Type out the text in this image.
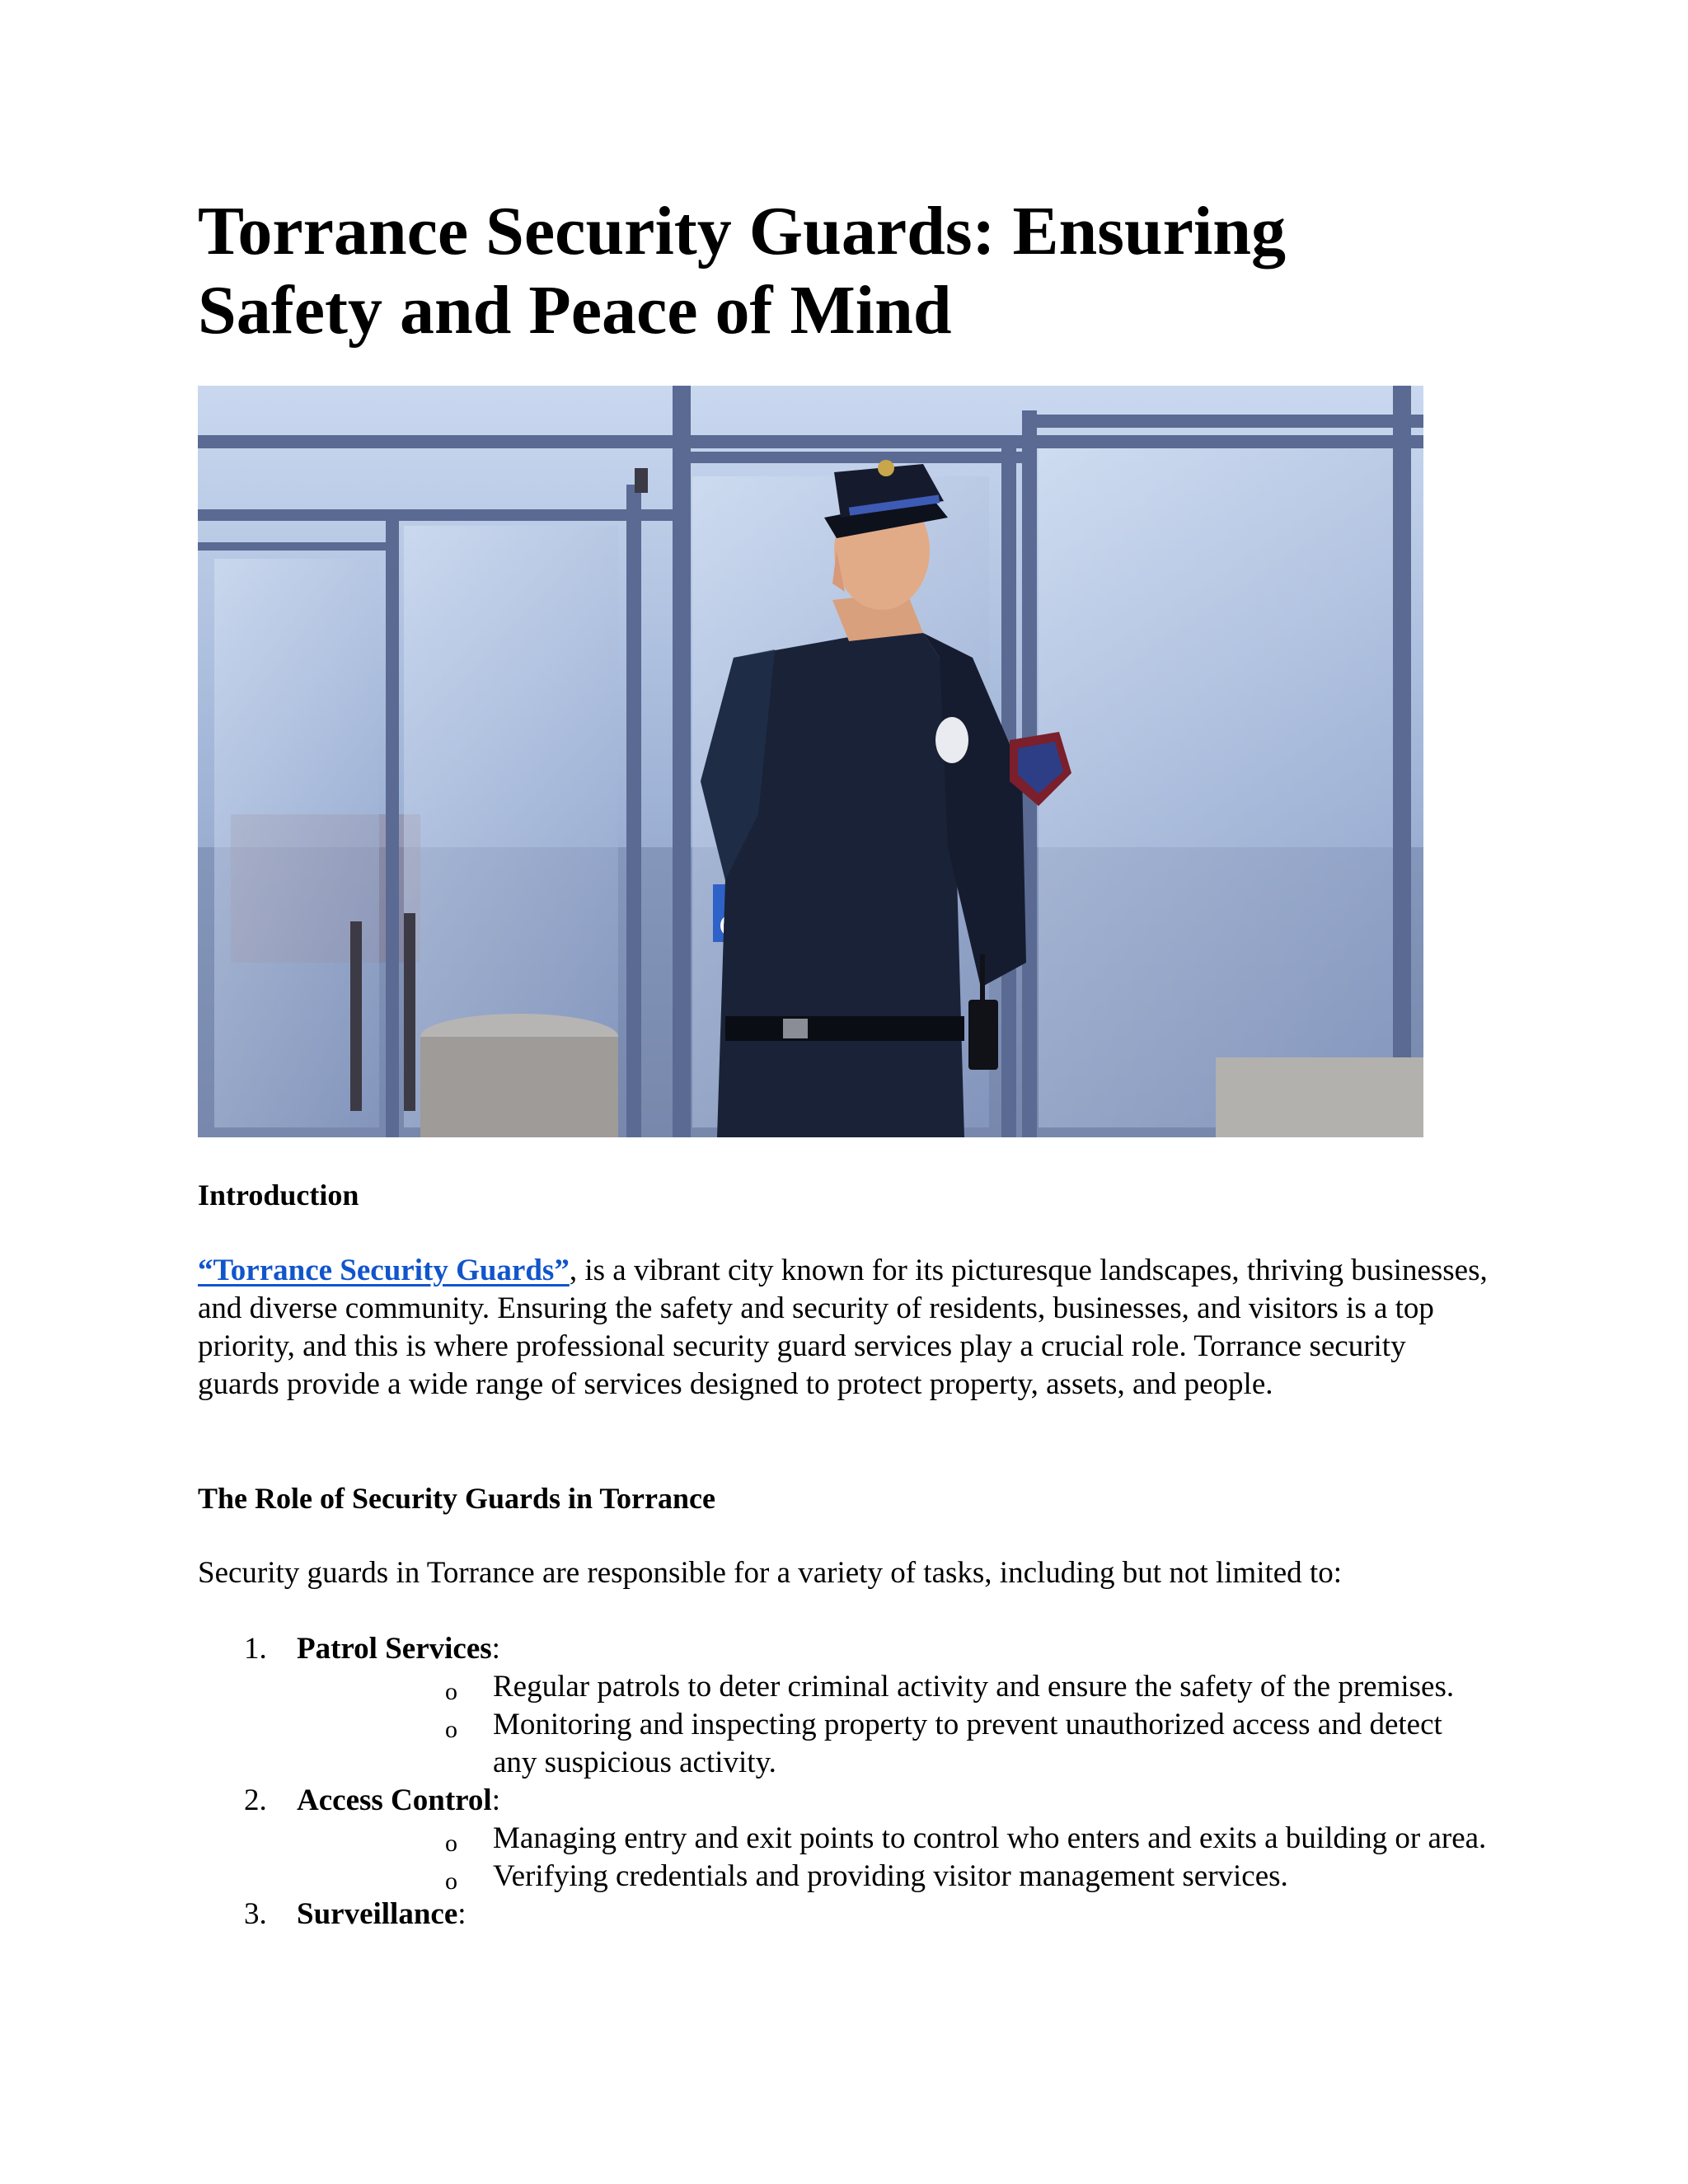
Torrance Security Guards: Ensuring Safety and Peace of Mind
Introduction

“Torrance Security Guards”, is a vibrant city known for its picturesque landscapes, thriving businesses, and diverse community. Ensuring the safety and security of residents, businesses, and visitors is a top priority, and this is where professional security guard services play a crucial role. Torrance security guards provide a wide range of services designed to protect property, assets, and people.

The Role of Security Guards in Torrance

Security guards in Torrance are responsible for a variety of tasks, including but not limited to:

1. Patrol Services:
o Regular patrols to deter criminal activity and ensure the safety of the premises.
o Monitoring and inspecting property to prevent unauthorized access and detect any suspicious activity.
2. Access Control:
o Managing entry and exit points to control who enters and exits a building or area.
o Verifying credentials and providing visitor management services.
3. Surveillance:
